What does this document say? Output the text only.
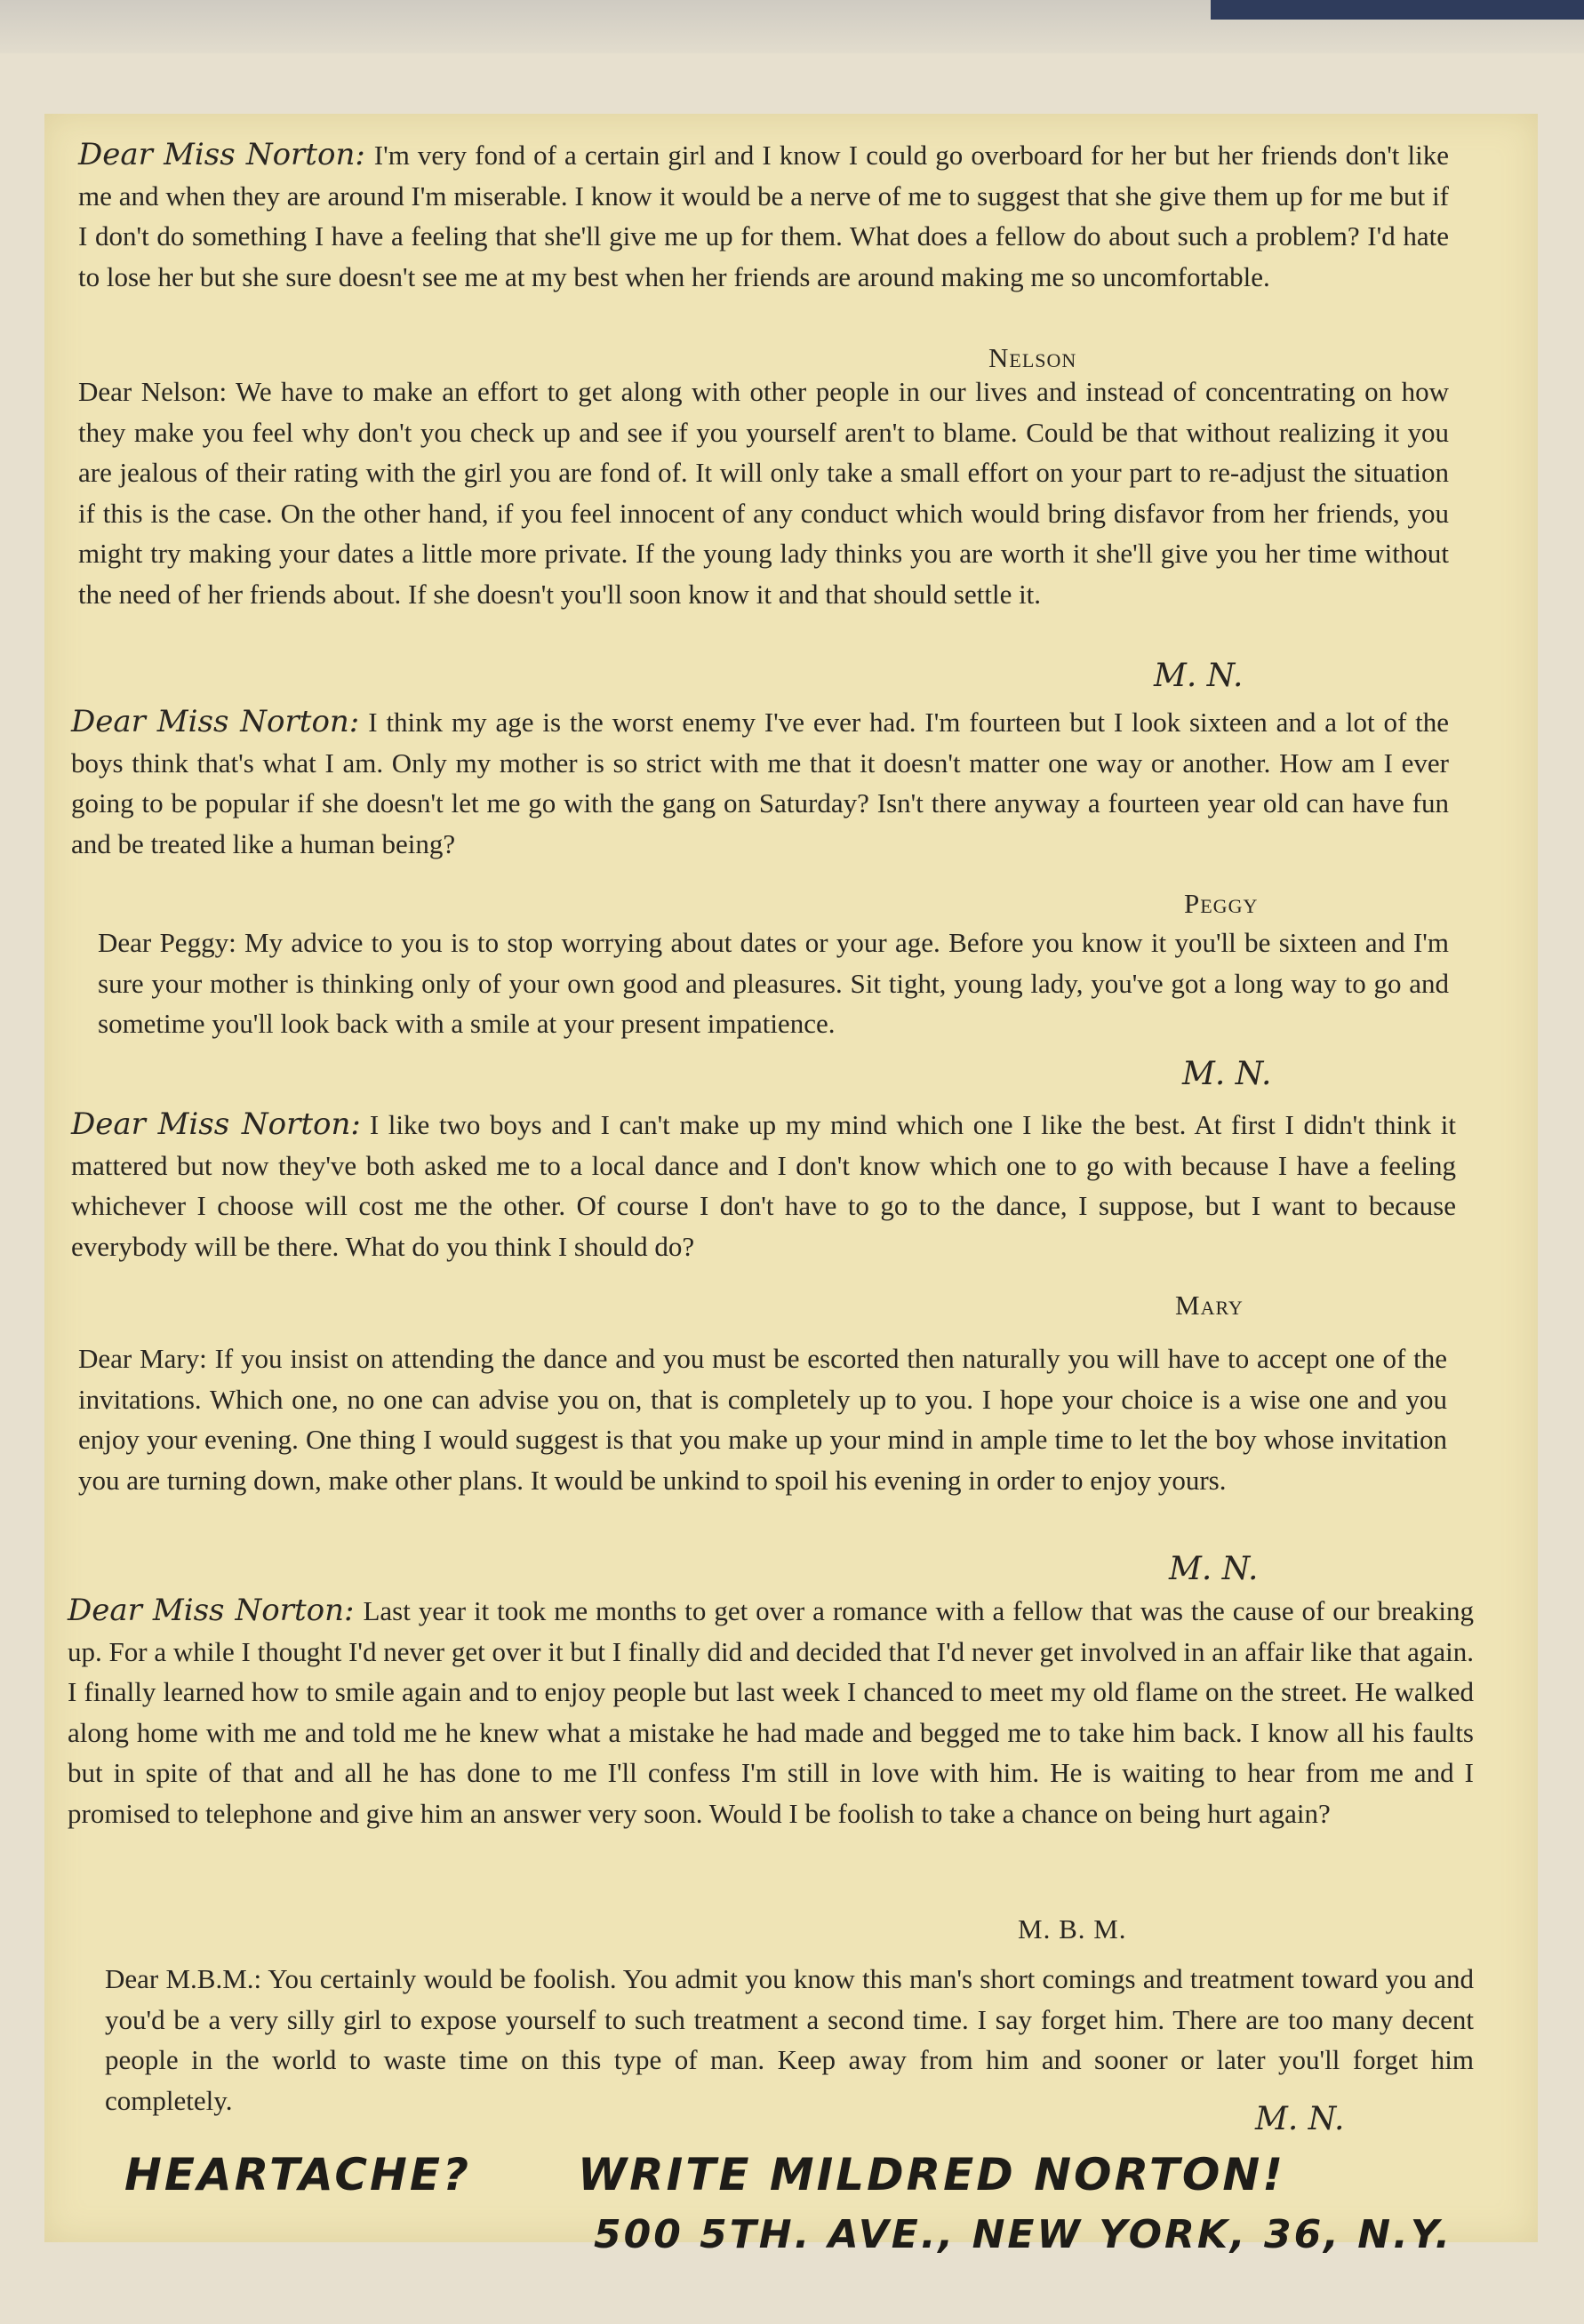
Dear Miss Norton: I'm very fond of a certain girl and I know I could go overboard for her but her friends don't like me and when they are around I'm miserable. I know it would be a nerve of me to suggest that she give them up for me but if I don't do something I have a feeling that she'll give me up for them. What does a fellow do about such a problem? I'd hate to lose her but she sure doesn't see me at my best when her friends are around making me so uncomfortable.
Nelson
Dear Nelson: We have to make an effort to get along with other people in our lives and instead of concentrating on how they make you feel why don't you check up and see if you yourself aren't to blame. Could be that without realizing it you are jealous of their rating with the girl you are fond of. It will only take a small effort on your part to re-adjust the situation if this is the case. On the other hand, if you feel innocent of any conduct which would bring disfavor from her friends, you might try making your dates a little more private. If the young lady thinks you are worth it she'll give you her time without the need of her friends about. If she doesn't you'll soon know it and that should settle it.
M. N.
Dear Miss Norton: I think my age is the worst enemy I've ever had. I'm fourteen but I look sixteen and a lot of the boys think that's what I am. Only my mother is so strict with me that it doesn't matter one way or another. How am I ever going to be popular if she doesn't let me go with the gang on Saturday? Isn't there anyway a fourteen year old can have fun and be treated like a human being?
Peggy
Dear Peggy: My advice to you is to stop worrying about dates or your age. Before you know it you'll be sixteen and I'm sure your mother is thinking only of your own good and pleasures. Sit tight, young lady, you've got a long way to go and sometime you'll look back with a smile at your present impatience.
M. N.
Dear Miss Norton: I like two boys and I can't make up my mind which one I like the best. At first I didn't think it mattered but now they've both asked me to a local dance and I don't know which one to go with because I have a feeling whichever I choose will cost me the other. Of course I don't have to go to the dance, I suppose, but I want to because everybody will be there. What do you think I should do?
Mary
Dear Mary: If you insist on attending the dance and you must be escorted then naturally you will have to accept one of the invitations. Which one, no one can advise you on, that is completely up to you. I hope your choice is a wise one and you enjoy your evening. One thing I would suggest is that you make up your mind in ample time to let the boy whose invitation you are turning down, make other plans. It would be unkind to spoil his evening in order to enjoy yours.
M. N.
Dear Miss Norton: Last year it took me months to get over a romance with a fellow that was the cause of our breaking up. For a while I thought I'd never get over it but I finally did and decided that I'd never get involved in an affair like that again. I finally learned how to smile again and to enjoy people but last week I chanced to meet my old flame on the street. He walked along home with me and told me he knew what a mistake he had made and begged me to take him back. I know all his faults but in spite of that and all he has done to me I'll confess I'm still in love with him. He is waiting to hear from me and I promised to telephone and give him an answer very soon. Would I be foolish to take a chance on being hurt again?
M. B. M.
Dear M.B.M.: You certainly would be foolish. You admit you know this man's short comings and treatment toward you and you'd be a very silly girl to expose yourself to such treatment a second time. I say forget him. There are too many decent people in the world to waste time on this type of man. Keep away from him and sooner or later you'll forget him completely.
M. N.
HEARTACHE? WRITE MILDRED NORTON!
500 5TH. AVE., NEW YORK, 36, N.Y.
